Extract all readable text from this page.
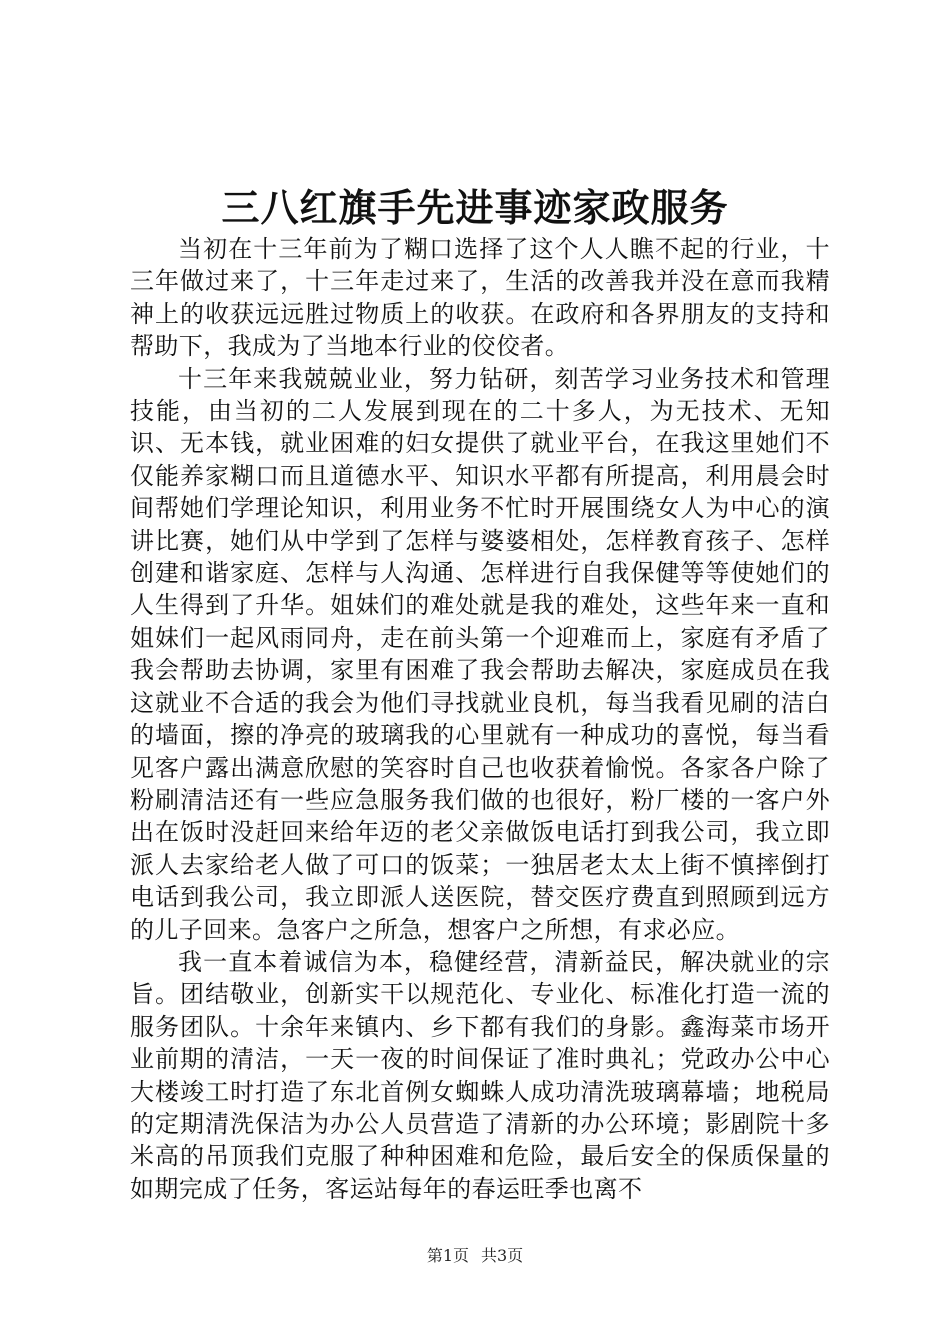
三八红旗手先进事迹家政服务

当初在十三年前为了糊口选择了这个人人瞧不起的行业，十三年做过来了，十三年走过来了，生活的改善我并没在意而我精神上的收获远远胜过物质上的收获。在政府和各界朋友的支持和帮助下，我成为了当地本行业的佼佼者。

十三年来我兢兢业业，努力钻研，刻苦学习业务技术和管理技能，由当初的二人发展到现在的二十多人，为无技术、无知识、无本钱，就业困难的妇女提供了就业平台，在我这里她们不仅能养家糊口而且道德水平、知识水平都有所提高，利用晨会时间帮她们学理论知识，利用业务不忙时开展围绕女人为中心的演讲比赛，她们从中学到了怎样与婆婆相处，怎样教育孩子、怎样创建和谐家庭、怎样与人沟通、怎样进行自我保健等等使她们的人生得到了升华。姐妹们的难处就是我的难处，这些年来一直和姐妹们一起风雨同舟，走在前头第一个迎难而上，家庭有矛盾了我会帮助去协调，家里有困难了我会帮助去解决，家庭成员在我这就业不合适的我会为他们寻找就业良机，每当我看见刷的洁白的墙面，擦的净亮的玻璃我的心里就有一种成功的喜悦，每当看见客户露出满意欣慰的笑容时自己也收获着愉悦。各家各户除了粉刷清洁还有一些应急服务我们做的也很好，粉厂楼的一客户外出在饭时没赶回来给年迈的老父亲做饭电话打到我公司，我立即派人去家给老人做了可口的饭菜；一独居老太太上街不慎摔倒打电话到我公司，我立即派人送医院，替交医疗费直到照顾到远方的儿子回来。急客户之所急，想客户之所想，有求必应。

我一直本着诚信为本，稳健经营，清新益民，解决就业的宗旨。团结敬业，创新实干以规范化、专业化、标准化打造一流的服务团队。十余年来镇内、乡下都有我们的身影。鑫海菜市场开业前期的清洁，一天一夜的时间保证了准时典礼；党政办公中心大楼竣工时打造了东北首例女蜘蛛人成功清洗玻璃幕墙；地税局的定期清洗保洁为办公人员营造了清新的办公环境；影剧院十多米高的吊顶我们克服了种种困难和危险，最后安全的保质保量的如期完成了任务，客运站每年的春运旺季也离不

第1页 共3页
